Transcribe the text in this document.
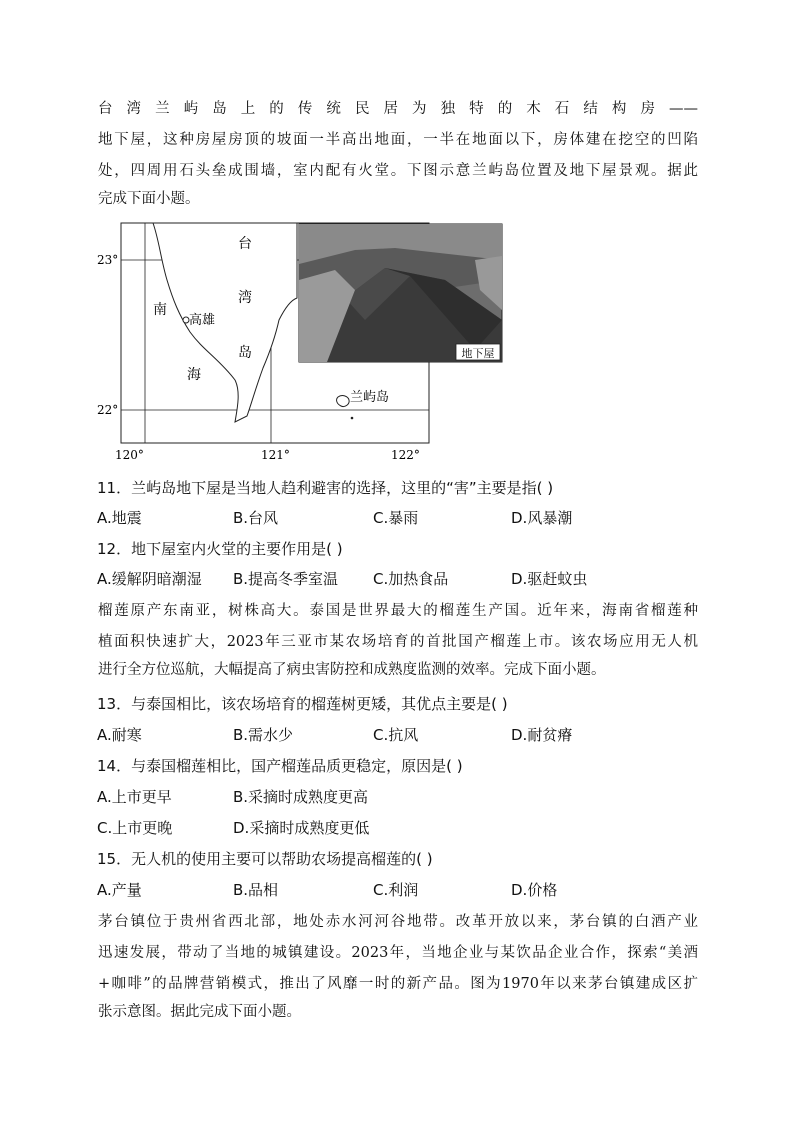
台湾兰屿岛上的传统民居为独特的木石结构房——
地下屋，这种房屋房顶的坡面一半高出地面，一半在地面以下，房体建在挖空的凹陷
处，四周用石头垒成围墙，室内配有火堂。下图示意兰屿岛位置及地下屋景观。据此
完成下面小题。
地下屋
23°
22°
120°	121°	122°
台
湾
岛
南
海
高雄
兰屿岛
11．兰屿岛地下屋是当地人趋利避害的选择，这里的“害”主要是指( )
A.地震	B.台风	C.暴雨	D.风暴潮
12．地下屋室内火堂的主要作用是( )
A.缓解阴暗潮湿 B.提高冬季室温 C.加热食品	D.驱赶蚊虫
榴莲原产东南亚，树株高大。泰国是世界最大的榴莲生产国。近年来，海南省榴莲种
植面积快速扩大，2023年三亚市某农场培育的首批国产榴莲上市。该农场应用无人机
进行全方位巡航，大幅提高了病虫害防控和成熟度监测的效率。完成下面小题。
13．与泰国相比，该农场培育的榴莲树更矮，其优点主要是( )
A.耐寒	B.需水少	C.抗风	D.耐贫瘠
14．与泰国榴莲相比，国产榴莲品质更稳定，原因是( )
A.上市更早	B.采摘时成熟度更高
C.上市更晚	D.采摘时成熟度更低
15．无人机的使用主要可以帮助农场提高榴莲的( )
A.产量	B.品相	C.利润	D.价格
茅台镇位于贵州省西北部，地处赤水河河谷地带。改革开放以来，茅台镇的白酒产业
迅速发展，带动了当地的城镇建设。2023年，当地企业与某饮品企业合作，探索“美酒
+咖啡”的品牌营销模式，推出了风靡一时的新产品。图为1970年以来茅台镇建成区扩
张示意图。据此完成下面小题。
